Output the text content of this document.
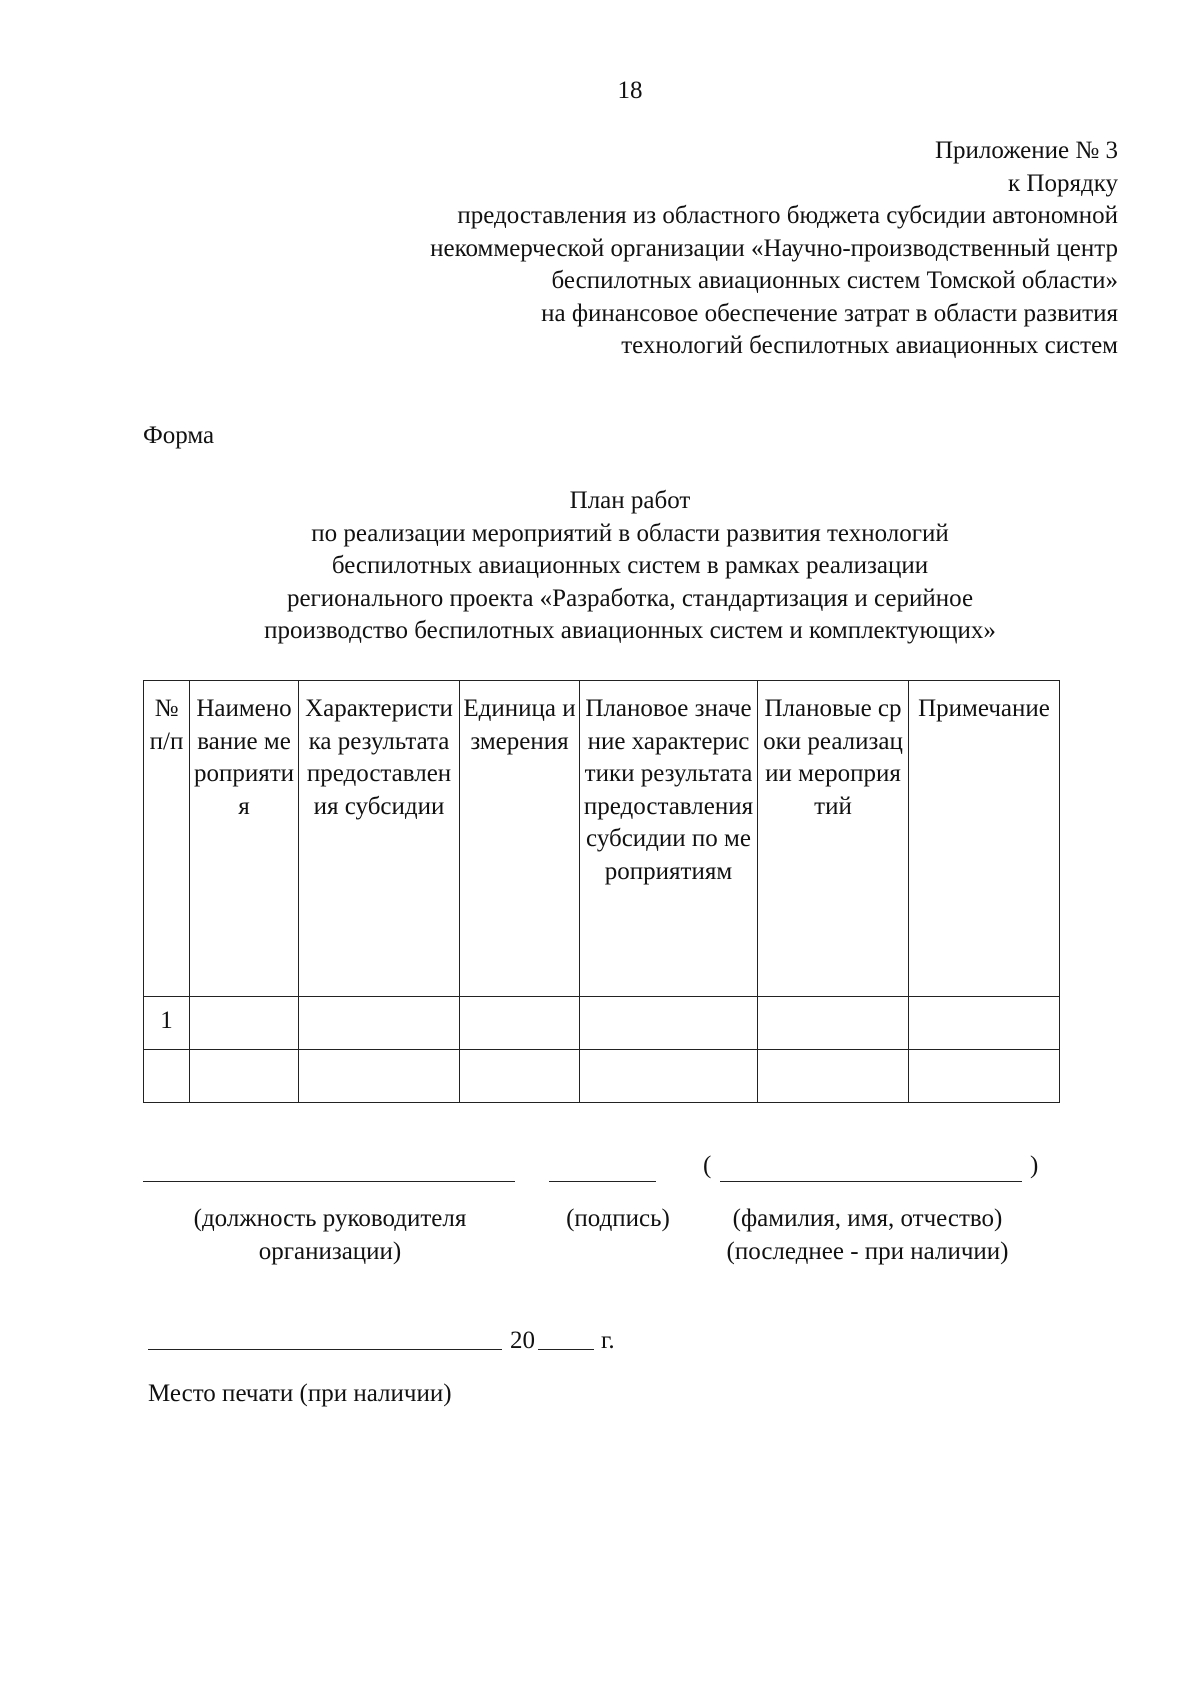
18
Приложение № 3
к Порядку
предоставления из областного бюджета субсидии автономной
некоммерческой организации «Научно-производственный центр
беспилотных авиационных систем Томской области»
на финансовое обеспечение затрат в области развития
технологий беспилотных авиационных систем
Форма
План работ
по реализации мероприятий в области развития технологий
беспилотных авиационных систем в рамках реализации
регионального проекта «Разработка, стандартизация и серийное
производство беспилотных авиационных систем и комплектующих»
№ п/п	Наименование мероприятия	Характеристика результата предоставления субсидии	Единица измерения	Плановое значение характеристики результата предоставления субсидии по мероприятиям	Плановые сроки реализации мероприятий	Примечание
1						

(	)
(должность руководителя организации)
(подпись)	(фамилия, имя, отчество) (последнее - при наличии)
20	г.
Место печати (при наличии)
